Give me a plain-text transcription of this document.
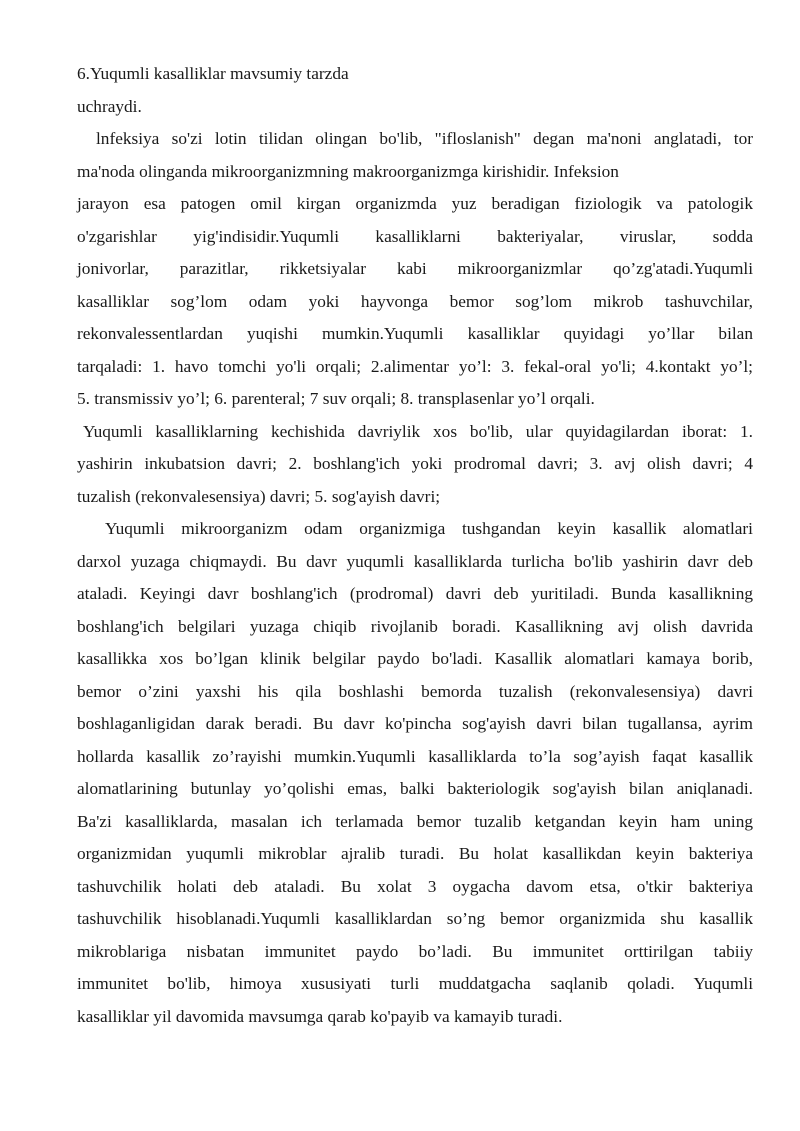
6.Yuqumli kasalliklar mavsumiy tarzda
uchraydi.
lnfeksiya so'zi lotin tilidan olingan bo'lib, "ifloslanish" degan ma'noni anglatadi, tor
ma'noda olinganda mikroorganizmning makroorganizmga kirishidir. Infeksion
jarayon esa patogen omil kirgan organizmda yuz beradigan fiziologik va patologik
o'zgarishlar yig'indisidir.Yuqumli kasalliklarni bakteriyalar, viruslar, sodda
jonivorlar, parazitlar, rikketsiyalar kabi mikroorganizmlar qo’zg'atadi.Yuqumli
kasalliklar sog’lom odam yoki hayvonga bemor sog’lom mikrob tashuvchilar,
rekonvalessentlardan yuqishi mumkin.Yuqumli kasalliklar quyidagi yo’llar bilan
tarqaladi: 1. havo tomchi yo'li orqali; 2.alimentar yo’l: 3. fekal-oral yo'li; 4.kontakt yo’l;
5. transmissiv yo’l; 6. parenteral; 7 suv orqali; 8. transplasenlar yo’l orqali.
Yuqumli kasalliklarning kechishida davriylik xos bo'lib, ular quyidagilardan iborat: 1.
yashirin inkubatsion davri; 2. boshlang'ich yoki prodromal davri; 3. avj olish davri; 4
tuzalish (rekonvalesensiya) davri; 5. sog'ayish davri;
Yuqumli mikroorganizm odam organizmiga tushgandan keyin kasallik alomatlari
darxol yuzaga chiqmaydi. Bu davr yuqumli kasalliklarda turlicha bo'lib yashirin davr deb
ataladi. Keyingi davr boshlang'ich (prodromal) davri deb yuritiladi. Bunda kasallikning
boshlang'ich belgilari yuzaga chiqib rivojlanib boradi. Kasallikning avj olish davrida
kasallikka xos bo’lgan klinik belgilar paydo bo'ladi. Kasallik alomatlari kamaya borib,
bemor o’zini yaxshi his qila boshlashi bemorda tuzalish (rekonvalesensiya) davri
boshlaganligidan darak beradi. Bu davr ko'pincha sog'ayish davri bilan tugallansa, ayrim
hollarda kasallik zo’rayishi mumkin.Yuqumli kasalliklarda to’la sog’ayish faqat kasallik
alomatlarining butunlay yo’qolishi emas, balki bakteriologik sog'ayish bilan aniqlanadi.
Ba'zi kasalliklarda, masalan ich terlamada bemor tuzalib ketgandan keyin ham uning
organizmidan yuqumli mikroblar ajralib turadi. Bu holat kasallikdan keyin bakteriya
tashuvchilik holati deb ataladi. Bu xolat 3 oygacha davom etsa, o'tkir bakteriya
tashuvchilik hisoblanadi.Yuqumli kasalliklardan so’ng bemor organizmida shu kasallik
mikroblariga nisbatan immunitet paydo bo’ladi. Bu immunitet orttirilgan tabiiy
immunitet bo'lib, himoya xususiyati turli muddatgacha saqlanib qoladi. Yuqumli
kasalliklar yil davomida mavsumga qarab ko'payib va kamayib turadi.
